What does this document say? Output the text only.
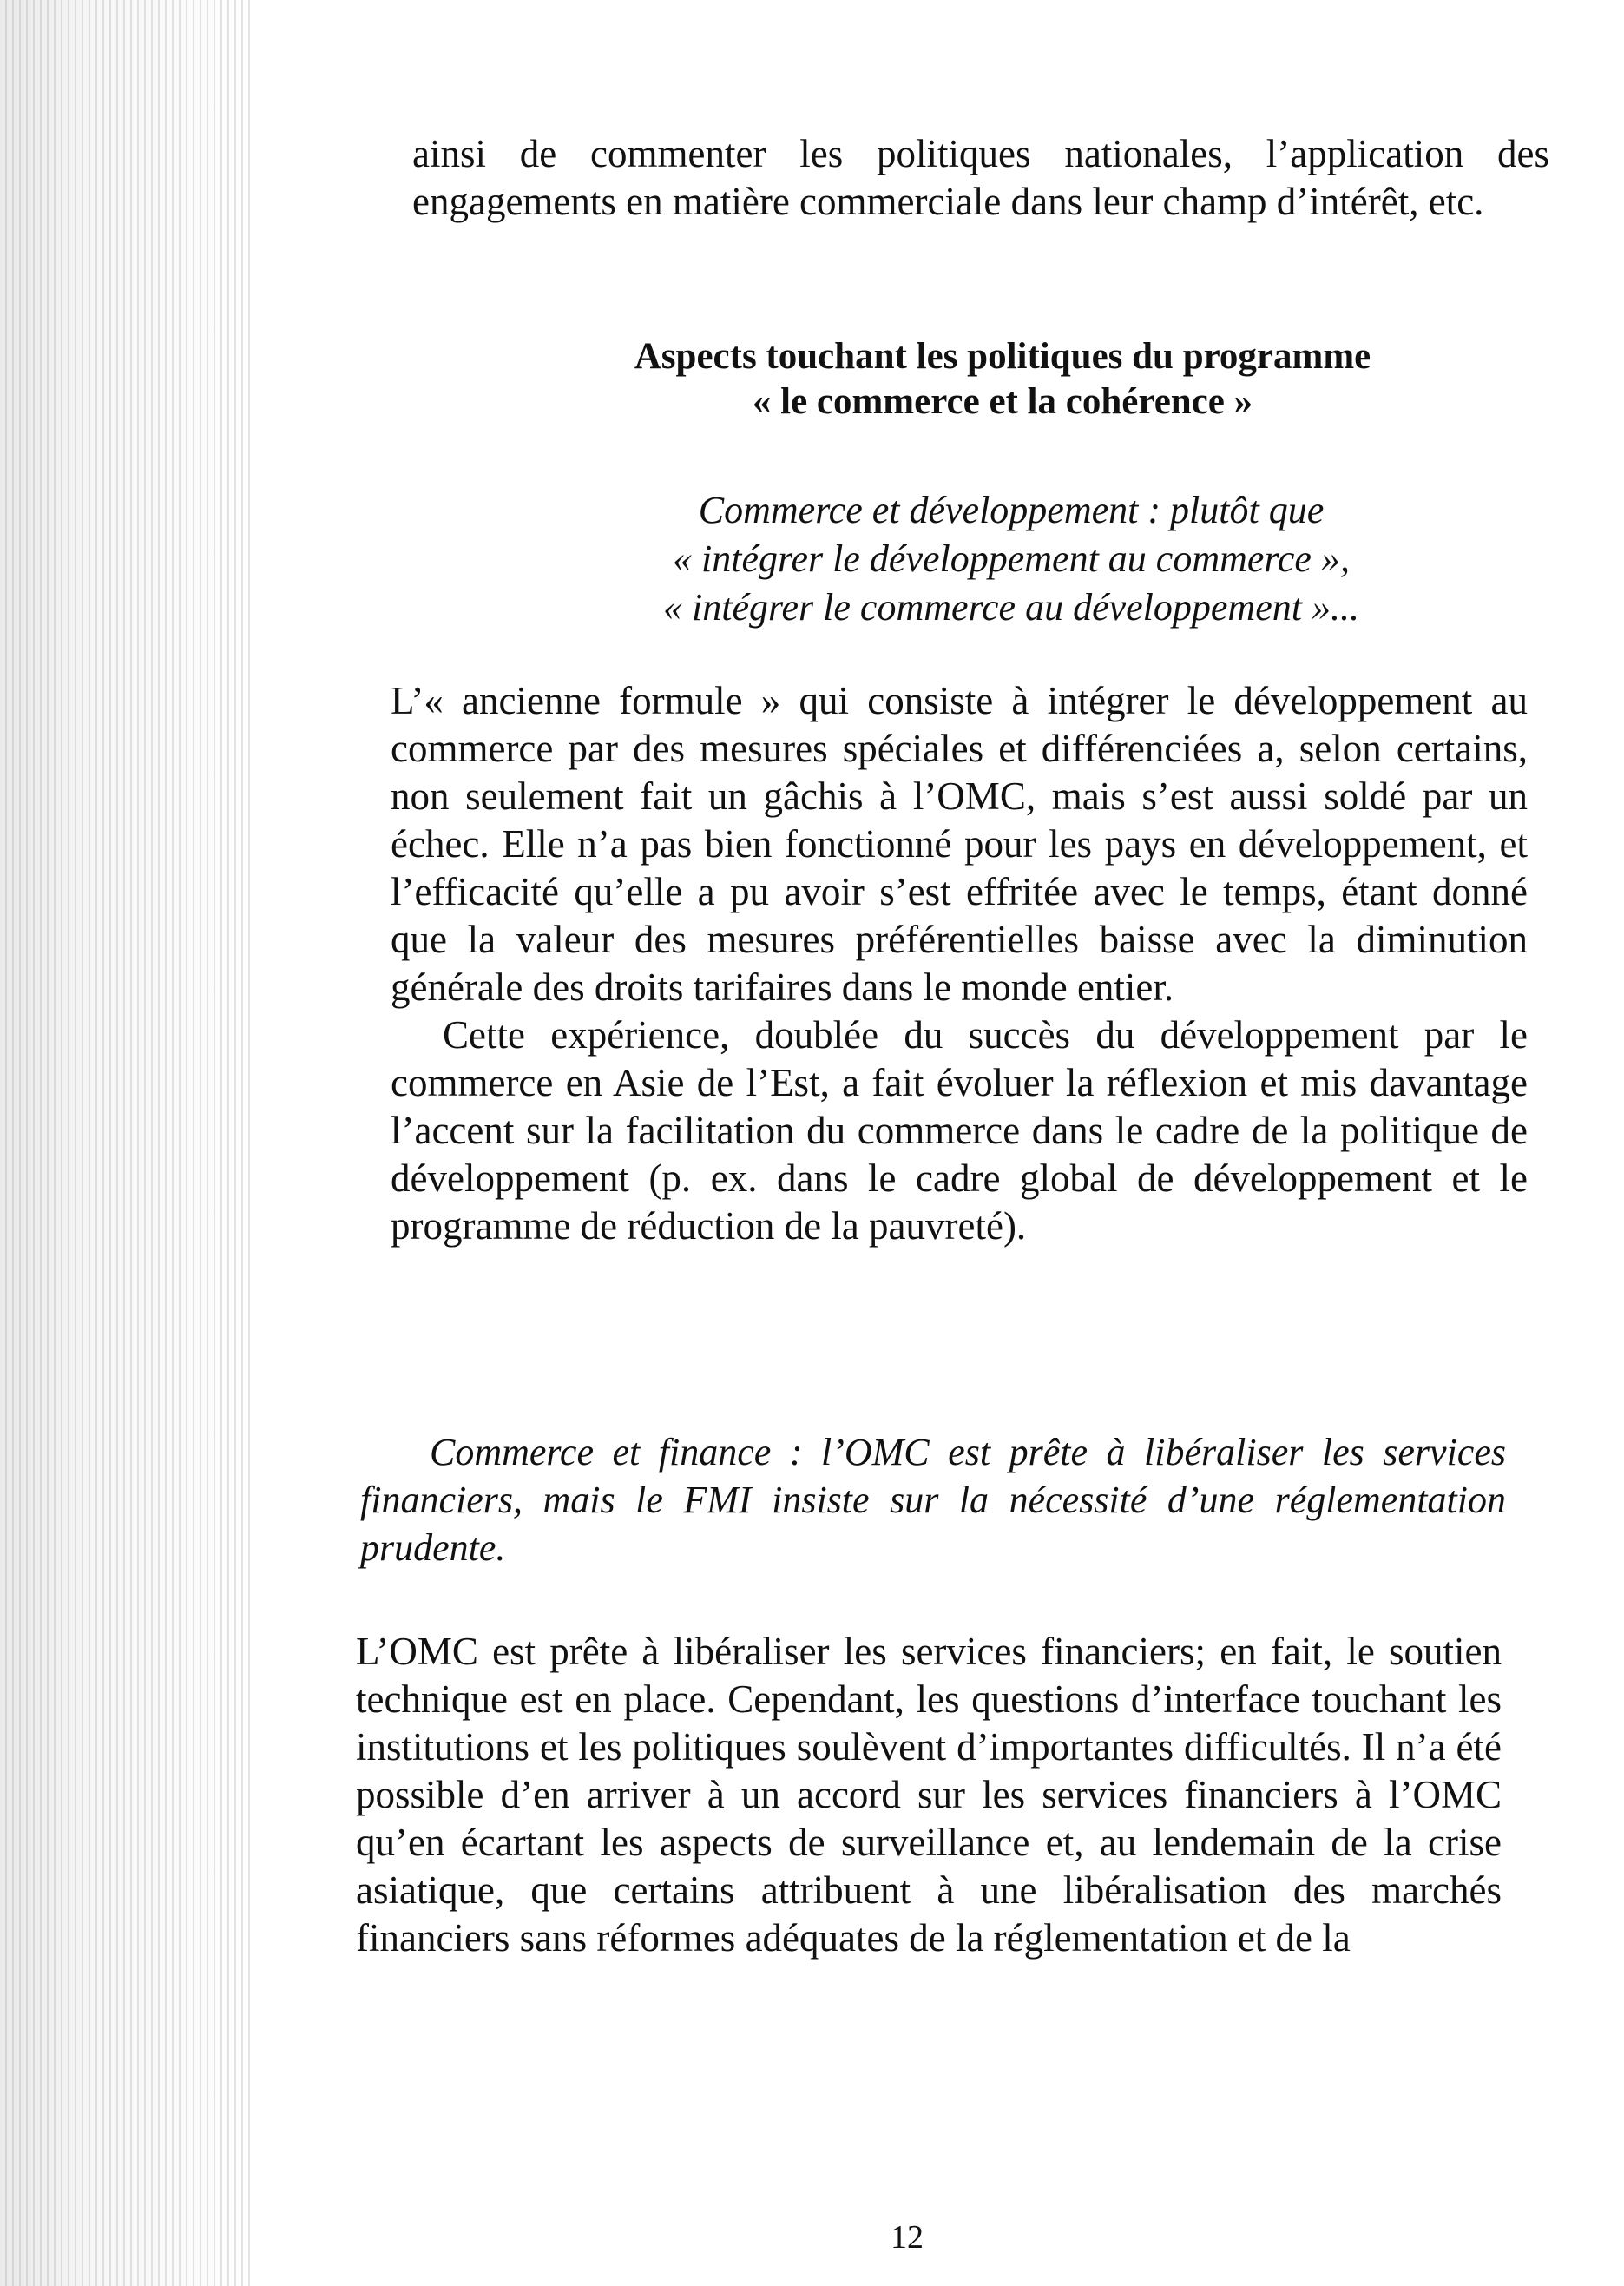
ainsi de commenter les politiques nationales, l’application des engagements en matière commerciale dans leur champ d’intérêt, etc.

Aspects touchant les politiques du programme

« le commerce et la cohérence »

Commerce et développement : plutôt que

« intégrer le développement au commerce »,

« intégrer le commerce au développement »...

L’« ancienne formule » qui consiste à intégrer le développement au commerce par des mesures spéciales et différenciées a, selon certains, non seulement fait un gâchis à l’OMC, mais s’est aussi soldé par un échec. Elle n’a pas bien fonctionné pour les pays en développement, et l’efficacité qu’elle a pu avoir s’est effritée avec le temps, étant donné que la valeur des mesures préférentielles baisse avec la diminution générale des droits tarifaires dans le monde entier.

Cette expérience, doublée du succès du développement par le commerce en Asie de l’Est, a fait évoluer la réflexion et mis davantage l’accent sur la facilitation du commerce dans le cadre de la politique de développement (p. ex. dans le cadre global de développement et le programme de réduction de la pauvreté).

Commerce et finance : l’OMC est prête à libéraliser les services financiers, mais le FMI insiste sur la nécessité d’une réglementation prudente.

L’OMC est prête à libéraliser les services financiers; en fait, le soutien technique est en place. Cependant, les questions d’interface touchant les institutions et les politiques soulèvent d’importantes difficultés. Il n’a été possible d’en arriver à un accord sur les services financiers à l’OMC qu’en écartant les aspects de surveillance et, au lendemain de la crise asiatique, que certains attribuent à une libéralisation des marchés financiers sans réformes adéquates de la réglementation et de la

12
